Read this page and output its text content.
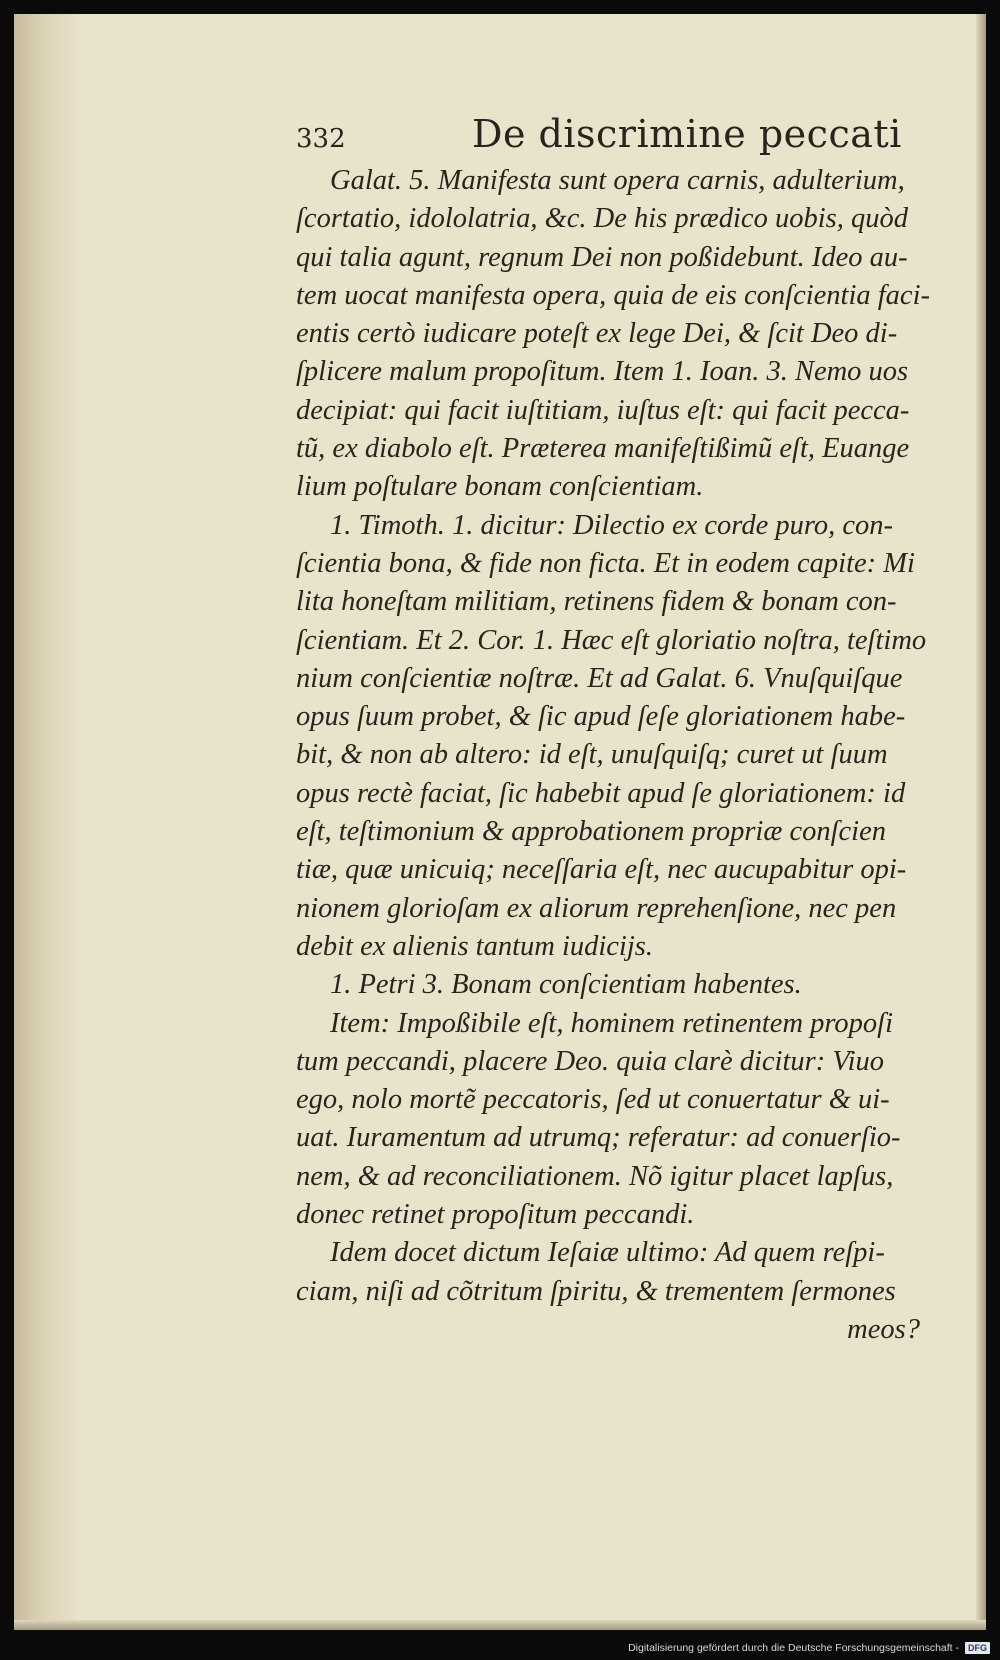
332	De discrimine peccati
Galat. 5. Manifesta sunt opera carnis, adulterium,
ſcortatio, idololatria, &c. De his prædico uobis, quòd
qui talia agunt, regnum Dei non poßidebunt. Ideo au-
tem uocat manifesta opera, quia de eis conſcientia faci-
entis certò iudicare poteſt ex lege Dei, & ſcit Deo di-
ſplicere malum propoſitum. Item 1. Ioan. 3. Nemo uos
decipiat: qui facit iuſtitiam, iuſtus eſt: qui facit pecca-
tũ, ex diabolo eſt. Præterea manifeſtißimũ eſt, Euange
lium poſtulare bonam conſcientiam.
1. Timoth. 1. dicitur: Dilectio ex corde puro, con-
ſcientia bona, & fide non ficta. Et in eodem capite: Mi
lita honeſtam militiam, retinens fidem & bonam con-
ſcientiam. Et 2. Cor. 1. Hæc eſt gloriatio noſtra, teſtimo
nium conſcientiæ noſtræ. Et ad Galat. 6. Vnuſquiſque
opus ſuum probet, & ſic apud ſeſe gloriationem habe-
bit, & non ab altero: id eſt, unuſquiſq; curet ut ſuum
opus rectè faciat, ſic habebit apud ſe gloriationem: id
eſt, teſtimonium & approbationem propriæ conſcien
tiæ, quæ unicuiq; neceſſaria eſt, nec aucupabitur opi-
nionem glorioſam ex aliorum reprehenſione, nec pen
debit ex alienis tantum iudicijs.
1. Petri 3. Bonam conſcientiam habentes.
Item: Impoßibile eſt, hominem retinentem propoſi
tum peccandi, placere Deo. quia clarè dicitur: Viuo
ego, nolo mortẽ peccatoris, ſed ut conuertatur & ui-
uat. Iuramentum ad utrumq; referatur: ad conuerſio-
nem, & ad reconciliationem. Nõ igitur placet lapſus,
donec retinet propoſitum peccandi.
Idem docet dictum Ieſaiæ ultimo: Ad quem reſpi-
ciam, niſi ad cõtritum ſpiritu, & trementem ſermones
meos?
Digitalisierung gefördert durch die Deutsche Forschungsgemeinschaft -	DFG
